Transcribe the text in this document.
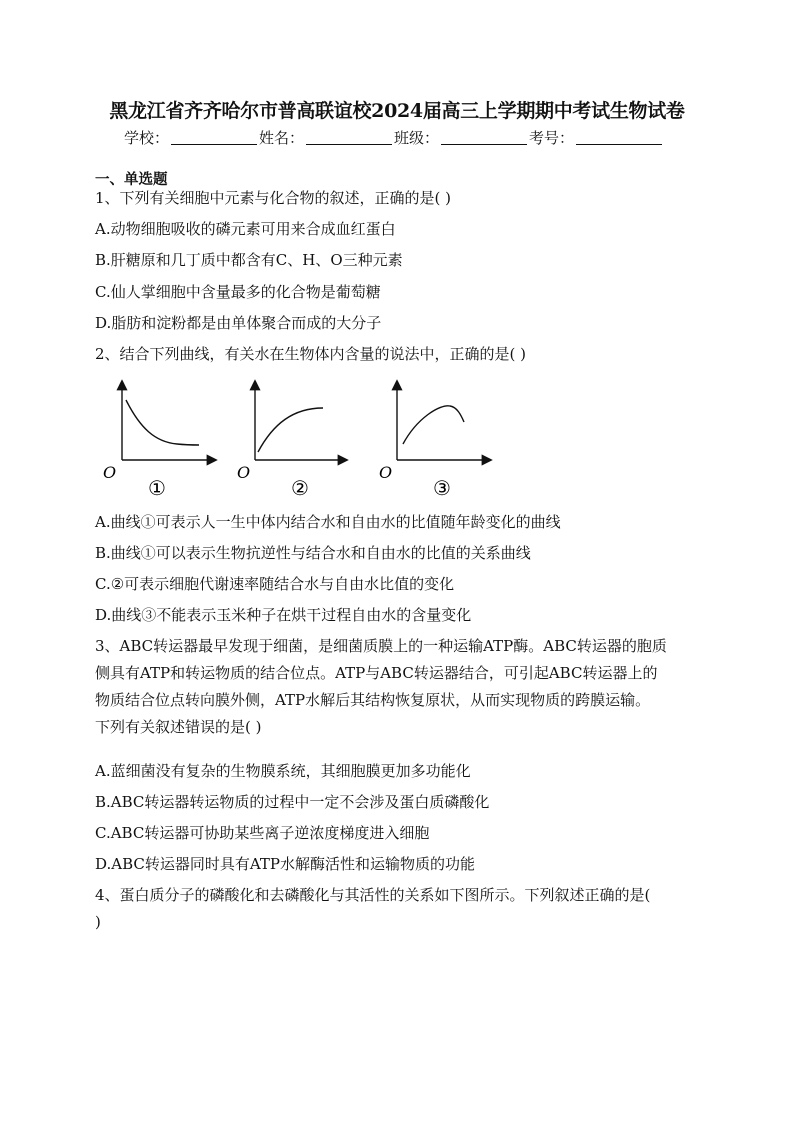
黑龙江省齐齐哈尔市普高联谊校2024届高三上学期期中考试生物试卷
学校：	姓名：	班级：	考号：
一、单选题
1、下列有关细胞中元素与化合物的叙述，正确的是( )
A.动物细胞吸收的磷元素可用来合成血红蛋白
B.肝糖原和几丁质中都含有C、H、O三种元素
C.仙人掌细胞中含量最多的化合物是葡萄糖
D.脂肪和淀粉都是由单体聚合而成的大分子
2、结合下列曲线，有关水在生物体内含量的说法中，正确的是( )
O
①
O
②
O
③
A.曲线①可表示人一生中体内结合水和自由水的比值随年龄变化的曲线
B.曲线①可以表示生物抗逆性与结合水和自由水的比值的关系曲线
C.②可表示细胞代谢速率随结合水与自由水比值的变化
D.曲线③不能表示玉米种子在烘干过程自由水的含量变化
3、ABC转运器最早发现于细菌，是细菌质膜上的一种运输ATP酶。ABC转运器的胞质
侧具有ATP和转运物质的结合位点。ATP与ABC转运器结合，可引起ABC转运器上的
物质结合位点转向膜外侧，ATP水解后其结构恢复原状，从而实现物质的跨膜运输。
下列有关叙述错误的是( )
A.蓝细菌没有复杂的生物膜系统，其细胞膜更加多功能化
B.ABC转运器转运物质的过程中一定不会涉及蛋白质磷酸化
C.ABC转运器可协助某些离子逆浓度梯度进入细胞
D.ABC转运器同时具有ATP水解酶活性和运输物质的功能
4、蛋白质分子的磷酸化和去磷酸化与其活性的关系如下图所示。下列叙述正确的是(
)
